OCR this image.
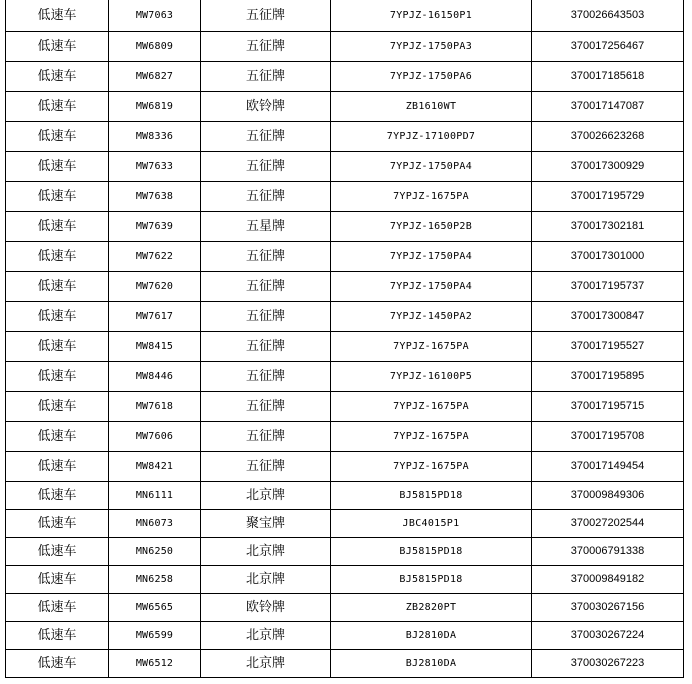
低速车	MW7063	五征牌	7YPJZ-16150P1	370026643503
低速车	MW6809	五征牌	7YPJZ-1750PA3	370017256467
低速车	MW6827	五征牌	7YPJZ-1750PA6	370017185618
低速车	MW6819	欧铃牌	ZB1610WT	370017147087
低速车	MW8336	五征牌	7YPJZ-17100PD7	370026623268
低速车	MW7633	五征牌	7YPJZ-1750PA4	370017300929
低速车	MW7638	五征牌	7YPJZ-1675PA	370017195729
低速车	MW7639	五星牌	7YPJZ-1650P2B	370017302181
低速车	MW7622	五征牌	7YPJZ-1750PA4	370017301000
低速车	MW7620	五征牌	7YPJZ-1750PA4	370017195737
低速车	MW7617	五征牌	7YPJZ-1450PA2	370017300847
低速车	MW8415	五征牌	7YPJZ-1675PA	370017195527
低速车	MW8446	五征牌	7YPJZ-16100P5	370017195895
低速车	MW7618	五征牌	7YPJZ-1675PA	370017195715
低速车	MW7606	五征牌	7YPJZ-1675PA	370017195708
低速车	MW8421	五征牌	7YPJZ-1675PA	370017149454
低速车	MN6111	北京牌	BJ5815PD18	370009849306
低速车	MN6073	聚宝牌	JBC4015P1	370027202544
低速车	MN6250	北京牌	BJ5815PD18	370006791338
低速车	MN6258	北京牌	BJ5815PD18	370009849182
低速车	MW6565	欧铃牌	ZB2820PT	370030267156
低速车	MW6599	北京牌	BJ2810DA	370030267224
低速车	MW6512	北京牌	BJ2810DA	370030267223
